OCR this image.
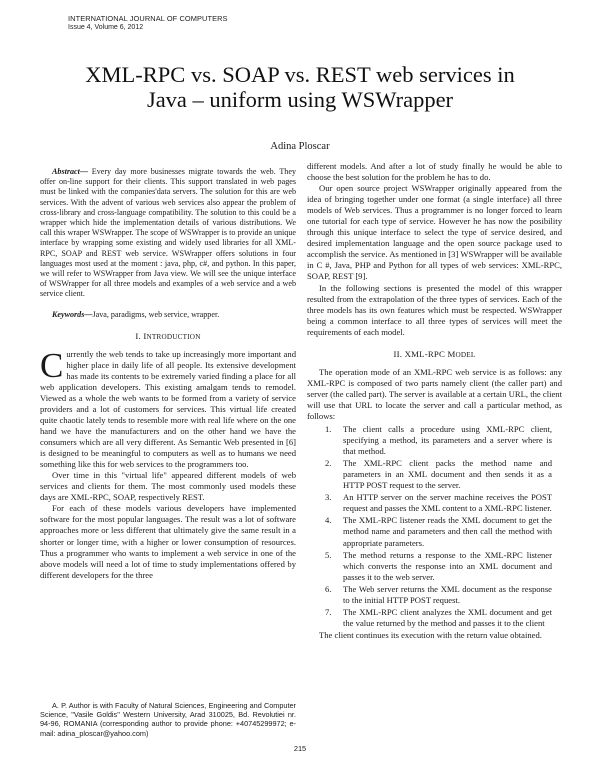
INTERNATIONAL JOURNAL OF COMPUTERS
Issue 4, Volume 6, 2012
XML-RPC vs. SOAP vs. REST web services in
Java – uniform using WSWrapper
Adina Ploscar

Abstract— Every day more businesses migrate towards the web. They offer on-line support for their clients. This support translated in web pages must be linked with the companies'data servers. The solution for this are web services. With the advent of various web services also appear the problem of cross-library and cross-language compatibility. The solution to this could be a wrapper which hide the implementation details of various distributions. We call this wraper WSWrapper. The scope of WSWrapper is to provide an unique interface by wrapping some existing and widely used libraries for all XML-RPC, SOAP and REST web service. WSWrapper offers solutions in four languages most used at the moment : java, php, c#, and python. In this paper, we will refer to WSWrapper from Java view. We will see the unique interface of WSWrapper for all three models and examples of a web service and a web service client.

Keywords—Java, paradigms, web service, wrapper.

I. INTRODUCTION

Currently the web tends to take up increasingly more important and higher place in daily life of all people. Its extensive development has made its contents to be extremely varied finding a place for all web application developers. This existing amalgam tends to remodel. Viewed as a whole the web wants to be formed from a variety of service providers and a lot of customers for services. This virtual life created quite chaotic lately tends to resemble more with real life where on the one hand we have the manufacturers and on the other hand we have the consumers which are all very different. As Semantic Web presented in [6] is designed to be meaningful to computers as well as to humans we need something like this for web services to the programmers too.

Over time in this "virtual life" appeared different models of web services and clients for them. The most commonly used models these days are XML-RPC, SOAP, respectively REST.

For each of these models various developers have implemented software for the most popular languages. The result was a lot of software approaches more or less different that ultimately give the same result in a shorter or longer time, with a higher or lower consumption of resources. Thus a programmer who wants to implement a web service in one of the above models will need a lot of time to study implementations offered by different developers for the three

A. P. Author is with Faculty of Natural Sciences, Engineering and Computer Science, "Vasile Goldis" Western University, Arad 310025, Bd. Revolutiei nr. 94-96, ROMANIA (corresponding author to provide phone: +40745299972; e-mail: adina_ploscar@yahoo.com)

different models. And after a lot of study finally he would be able to choose the best solution for the problem he has to do.

Our open source project WSWrapper originally appeared from the idea of bringing together under one format (a single interface) all three models of Web services. Thus a programmer is no longer forced to learn one tutorial for each type of service. However he has now the posibility through this unique interface to select the type of service desired, and desired implementation language and the open source package used to accomplish the service. As mentioned in [3] WSWrapper will be available in C #, Java, PHP and Python for all types of web services: XML-RPC, SOAP, REST [9].

In the following sections is presented the model of this wrapper resulted from the extrapolation of the three types of services. Each of the three models has its own features which must be respected. WSWrapper being a common interface to all three types of services will meet the requirements of each model.

II. XML-RPC MODEL

The operation mode of an XML-RPC web service is as follows: any XML-RPC is composed of two parts namely client (the caller part) and server (the called part). The server is available at a certain URL, the client will use that URL to locate the server and call a particular method, as follows:

1. The client calls a procedure using XML-RPC client, specifying a method, its parameters and a server where is that method.
2. The XML-RPC client packs the method name and parameters in an XML document and then sends it as a HTTP POST request to the server.
3. An HTTP server on the server machine receives the POST request and passes the XML content to a XML-RPC listener.
4. The XML-RPC listener reads the XML document to get the method name and parameters and then call the method with appropriate parameters.
5. The method returns a response to the XML-RPC listener which converts the response into an XML document and passes it to the web server.
6. The Web server returns the XML document as the response to the initial HTTP POST request.
7. The XML-RPC client analyzes the XML document and get the value returned by the method and passes it to the client

The client continues its execution with the return value obtained.

215
